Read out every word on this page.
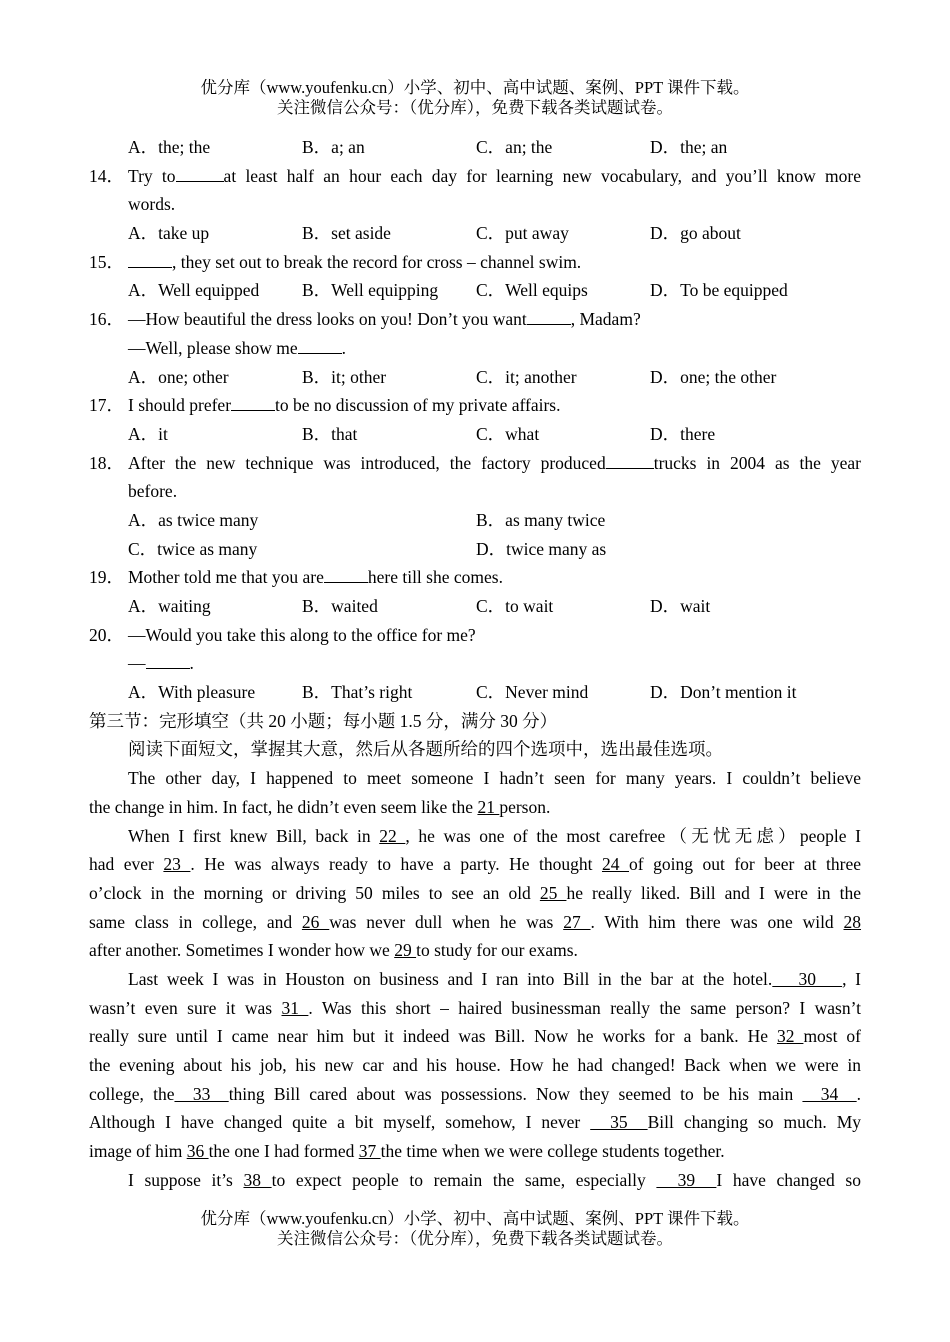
优分库（www.youfenku.cn）小学、初中、高中试题、案例、PPT 课件下载。
关注微信公众号：（优分库），免费下载各类试题试卷。
A．the; the	B．a; an	C．an; the	D．the; an
14． Try to	at least half an hour each day for learning new vocabulary, and you’ll know more
words.
A．take up	B．set aside	C．put away	D．go about
15．	, they set out to break the record for cross – channel swim.
A．Well equipped B．Well equipping C．Well equips	D．To be equipped
16． —How beautiful the dress looks on you! Don’t you want	, Madam?
—Well, please show me	.
A．one; other	B．it; other	C．it; another	D．one; the other
17． I should prefer	to be no discussion of my private affairs.
A．it	B．that	C．what	D．there
18． After the new technique was introduced, the factory produced	trucks in 2004 as the year
before.
A．as twice many	B．as many twice
C．twice as many	D．twice many as
19． Mother told me that you are	here till she comes.
A．waiting	B．waited	C．to wait	D．wait
20． —Would you take this along to the office for me?
—	.
A．With pleasure	B．That’s right	C．Never mind	D．Don’t mention it
第三节：完形填空（共 20 小题；每小题 1.5 分，满分 30 分）
阅读下面短文，掌握其大意，然后从各题所给的四个选项中，选出最佳选项。
The other day, I happened to meet someone I hadn’t seen for many years. I couldn’t believe
the change in him. In fact, he didn’t even seem like the 21 person.
When I first knew Bill, back in 22 , he was one of the most carefree（无忧无虑）people I
had ever 23 . He was always ready to have a party. He thought 24 of going out for beer at three
o’clock in the morning or driving 50 miles to see an old 25 he really liked. Bill and I were in the
same class in college, and 26 was never dull when he was 27 . With him there was one wild 28
after another. Sometimes I wonder how we 29 to study for our exams.
Last week I was in Houston on business and I ran into Bill in the bar at the hotel.   30   , I
wasn’t even sure it was 31 . Was this short – haired businessman really the same person? I wasn’t
really sure until I came near him but it indeed was Bill. Now he works for a bank. He 32 most of
the evening about his job, his new car and his house. How he had changed! Back when we were in
college, the  33  thing Bill cared about was possessions. Now they seemed to be his main   34  .
Although I have changed quite a bit myself, somehow, I never   35  Bill changing so much. My
image of him 36 the one I had formed 37 the time when we were college students together.
I suppose it’s 38 to expect people to remain the same, especially   39  I have changed so
优分库（www.youfenku.cn）小学、初中、高中试题、案例、PPT 课件下载。
关注微信公众号：（优分库），免费下载各类试题试卷。
